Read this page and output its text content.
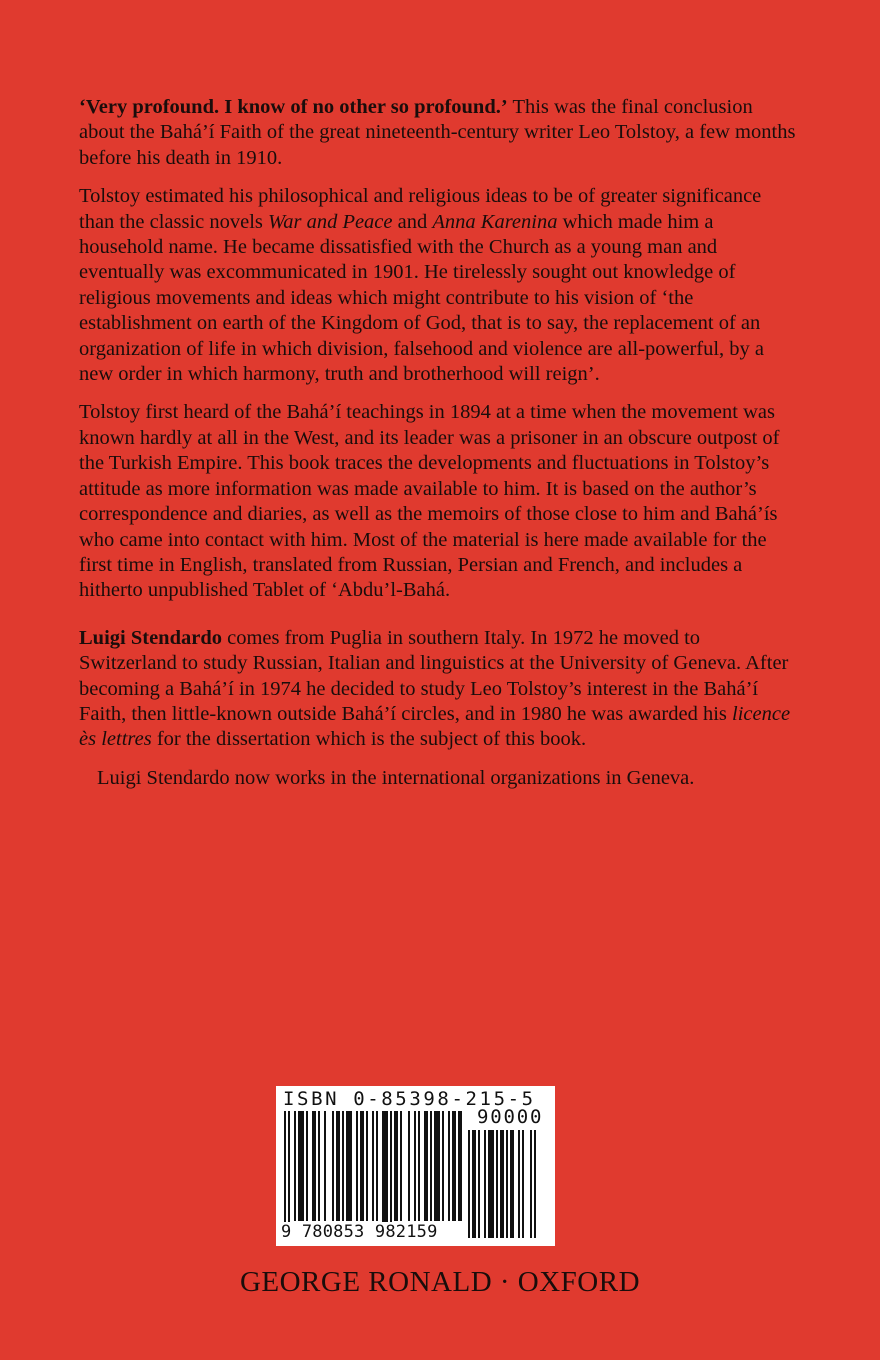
‘Very profound. I know of no other so profound.’ This was the final conclusion about the Bahá’í Faith of the great nineteenth-century writer Leo Tolstoy, a few months before his death in 1910.

Tolstoy estimated his philosophical and religious ideas to be of greater significance than the classic novels War and Peace and Anna Karenina which made him a household name. He became dissatisfied with the Church as a young man and eventually was excommunicated in 1901. He tirelessly sought out knowledge of religious movements and ideas which might contribute to his vision of ‘the establishment on earth of the Kingdom of God, that is to say, the replacement of an organization of life in which division, falsehood and violence are all-powerful, by a new order in which harmony, truth and brotherhood will reign’.

Tolstoy first heard of the Bahá’í teachings in 1894 at a time when the movement was known hardly at all in the West, and its leader was a prisoner in an obscure outpost of the Turkish Empire. This book traces the developments and fluctuations in Tolstoy’s attitude as more information was made available to him. It is based on the author’s correspondence and diaries, as well as the memoirs of those close to him and Bahá’ís who came into contact with him. Most of the material is here made available for the first time in English, translated from Russian, Persian and French, and includes a hitherto unpublished Tablet of ‘Abdu’l-Bahá.

Luigi Stendardo comes from Puglia in southern Italy. In 1972 he moved to Switzerland to study Russian, Italian and linguistics at the University of Geneva. After becoming a Bahá’í in 1974 he decided to study Leo Tolstoy’s interest in the Bahá’í Faith, then little-known outside Bahá’í circles, and in 1980 he was awarded his licence ès lettres for the dissertation which is the subject of this book.

Luigi Stendardo now works in the international organizations in Geneva.

ISBN 0-85398-215-5
90000
9 780853 982159
GEORGE RONALD · OXFORD
